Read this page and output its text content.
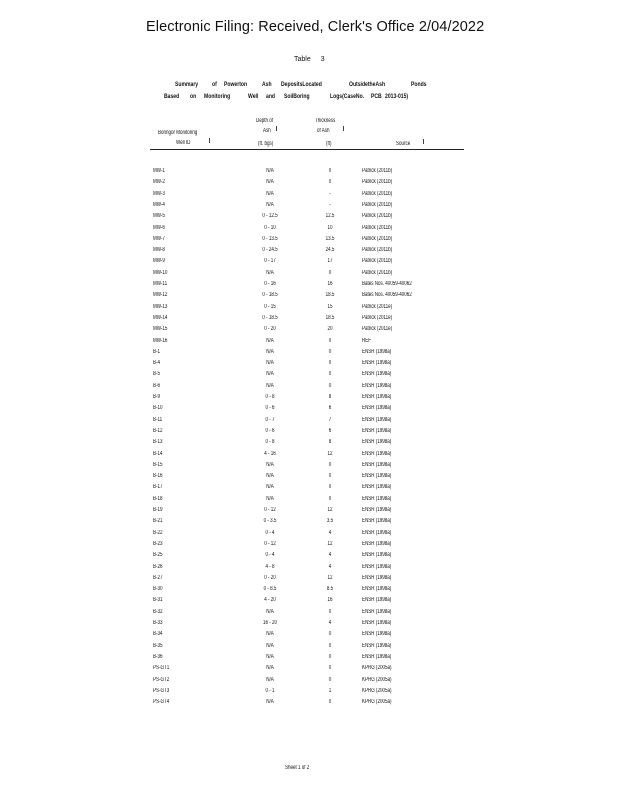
Electronic Filing: Received, Clerk's Office 2/04/2022
Table 3
Summary of Powerton Ash DepositsLocated	OutsidetheAsh	Ponds
Based on Monitoring	Well and SoilBoring	Logs(CaseNo. PCB 2013-015)
Boringor Monitoring
Well ID
Depth of
Ash
(ft. bgs)
Thickness
of Ash
(ft)	Source
MW-1	N/A	0	Patrick (2011b)
MW-2	N/A	0	Patrick (2011b)
MW-3	N/A	-	Patrick (2011b)
MW-4	N/A	-	Patrick (2011b)
MW-5	0 - 12.5	12.5	Patrick (2011b)
MW-6	0 - 10	10	Patrick (2011b)
MW-7	0 - 13.5	13.5	Patrick (2011b)
MW-8	0 - 24.5	24.5	Patrick (2011b)
MW-9	0 - 17	17	Patrick (2011b)
MW-10	N/A	0	Patrick (2011b)
MW-11	0 - 16	16	Bates Nos. 40059-40062
MW-12	0 - 18.5	18.5	Bates Nos. 40059-40062
MW-13	0 - 15	15	Patrick (2011e)
MW-14	0 - 18.5	18.5	Patrick (2011e)
MW-15	0 - 20	20	Patrick (2011e)
MW-16	N/A	0	REF
B-1	N/A	0	ENSR (1998a)
B-4	N/A	0	ENSR (1998a)
B-5	N/A	0	ENSR (1998a)
B-6	N/A	0	ENSR (1998a)
B-9	0 - 8	8	ENSR (1998a)
B-10	0 - 6	6	ENSR (1998a)
B-11	0 - 7	7	ENSR (1998a)
B-12	0 - 6	6	ENSR (1998a)
B-13	0 - 8	8	ENSR (1998a)
B-14	4 - 16	12	ENSR (1998a)
B-15	N/A	0	ENSR (1998a)
B-16	N/A	0	ENSR (1998a)
B-17	N/A	0	ENSR (1998a)
B-18	N/A	0	ENSR (1998a)
B-19	0 - 12	12	ENSR (1998a)
B-21	0 - 3.5	3.5	ENSR (1998a)
B-22	0 - 4	4	ENSR (1998a)
B-23	0 - 12	12	ENSR (1998a)
B-25	0 - 4	4	ENSR (1998a)
B-26	4 - 8	4	ENSR (1998a)
B-27	0 - 20	12	ENSR (1998a)
B-30	0 - 8.5	8.5	ENSR (1998a)
B-31	4 - 20	16	ENSR (1998a)
B-32	N/A	0	ENSR (1998a)
B-33	16 - 20	4	ENSR (1998a)
B-34	N/A	0	ENSR (1998a)
B-35	N/A	0	ENSR (1998a)
B-36	N/A	0	ENSR (1998a)
PS-GT1	N/A	0	KPRG (2005a)
PS-GT2	N/A	0	KPRG (2005a)
PS-GT3	0 - 1	1	KPRG (2005a)
PS-GT4	N/A	0	KPRG (2005a)
Sheet 1 of 2
